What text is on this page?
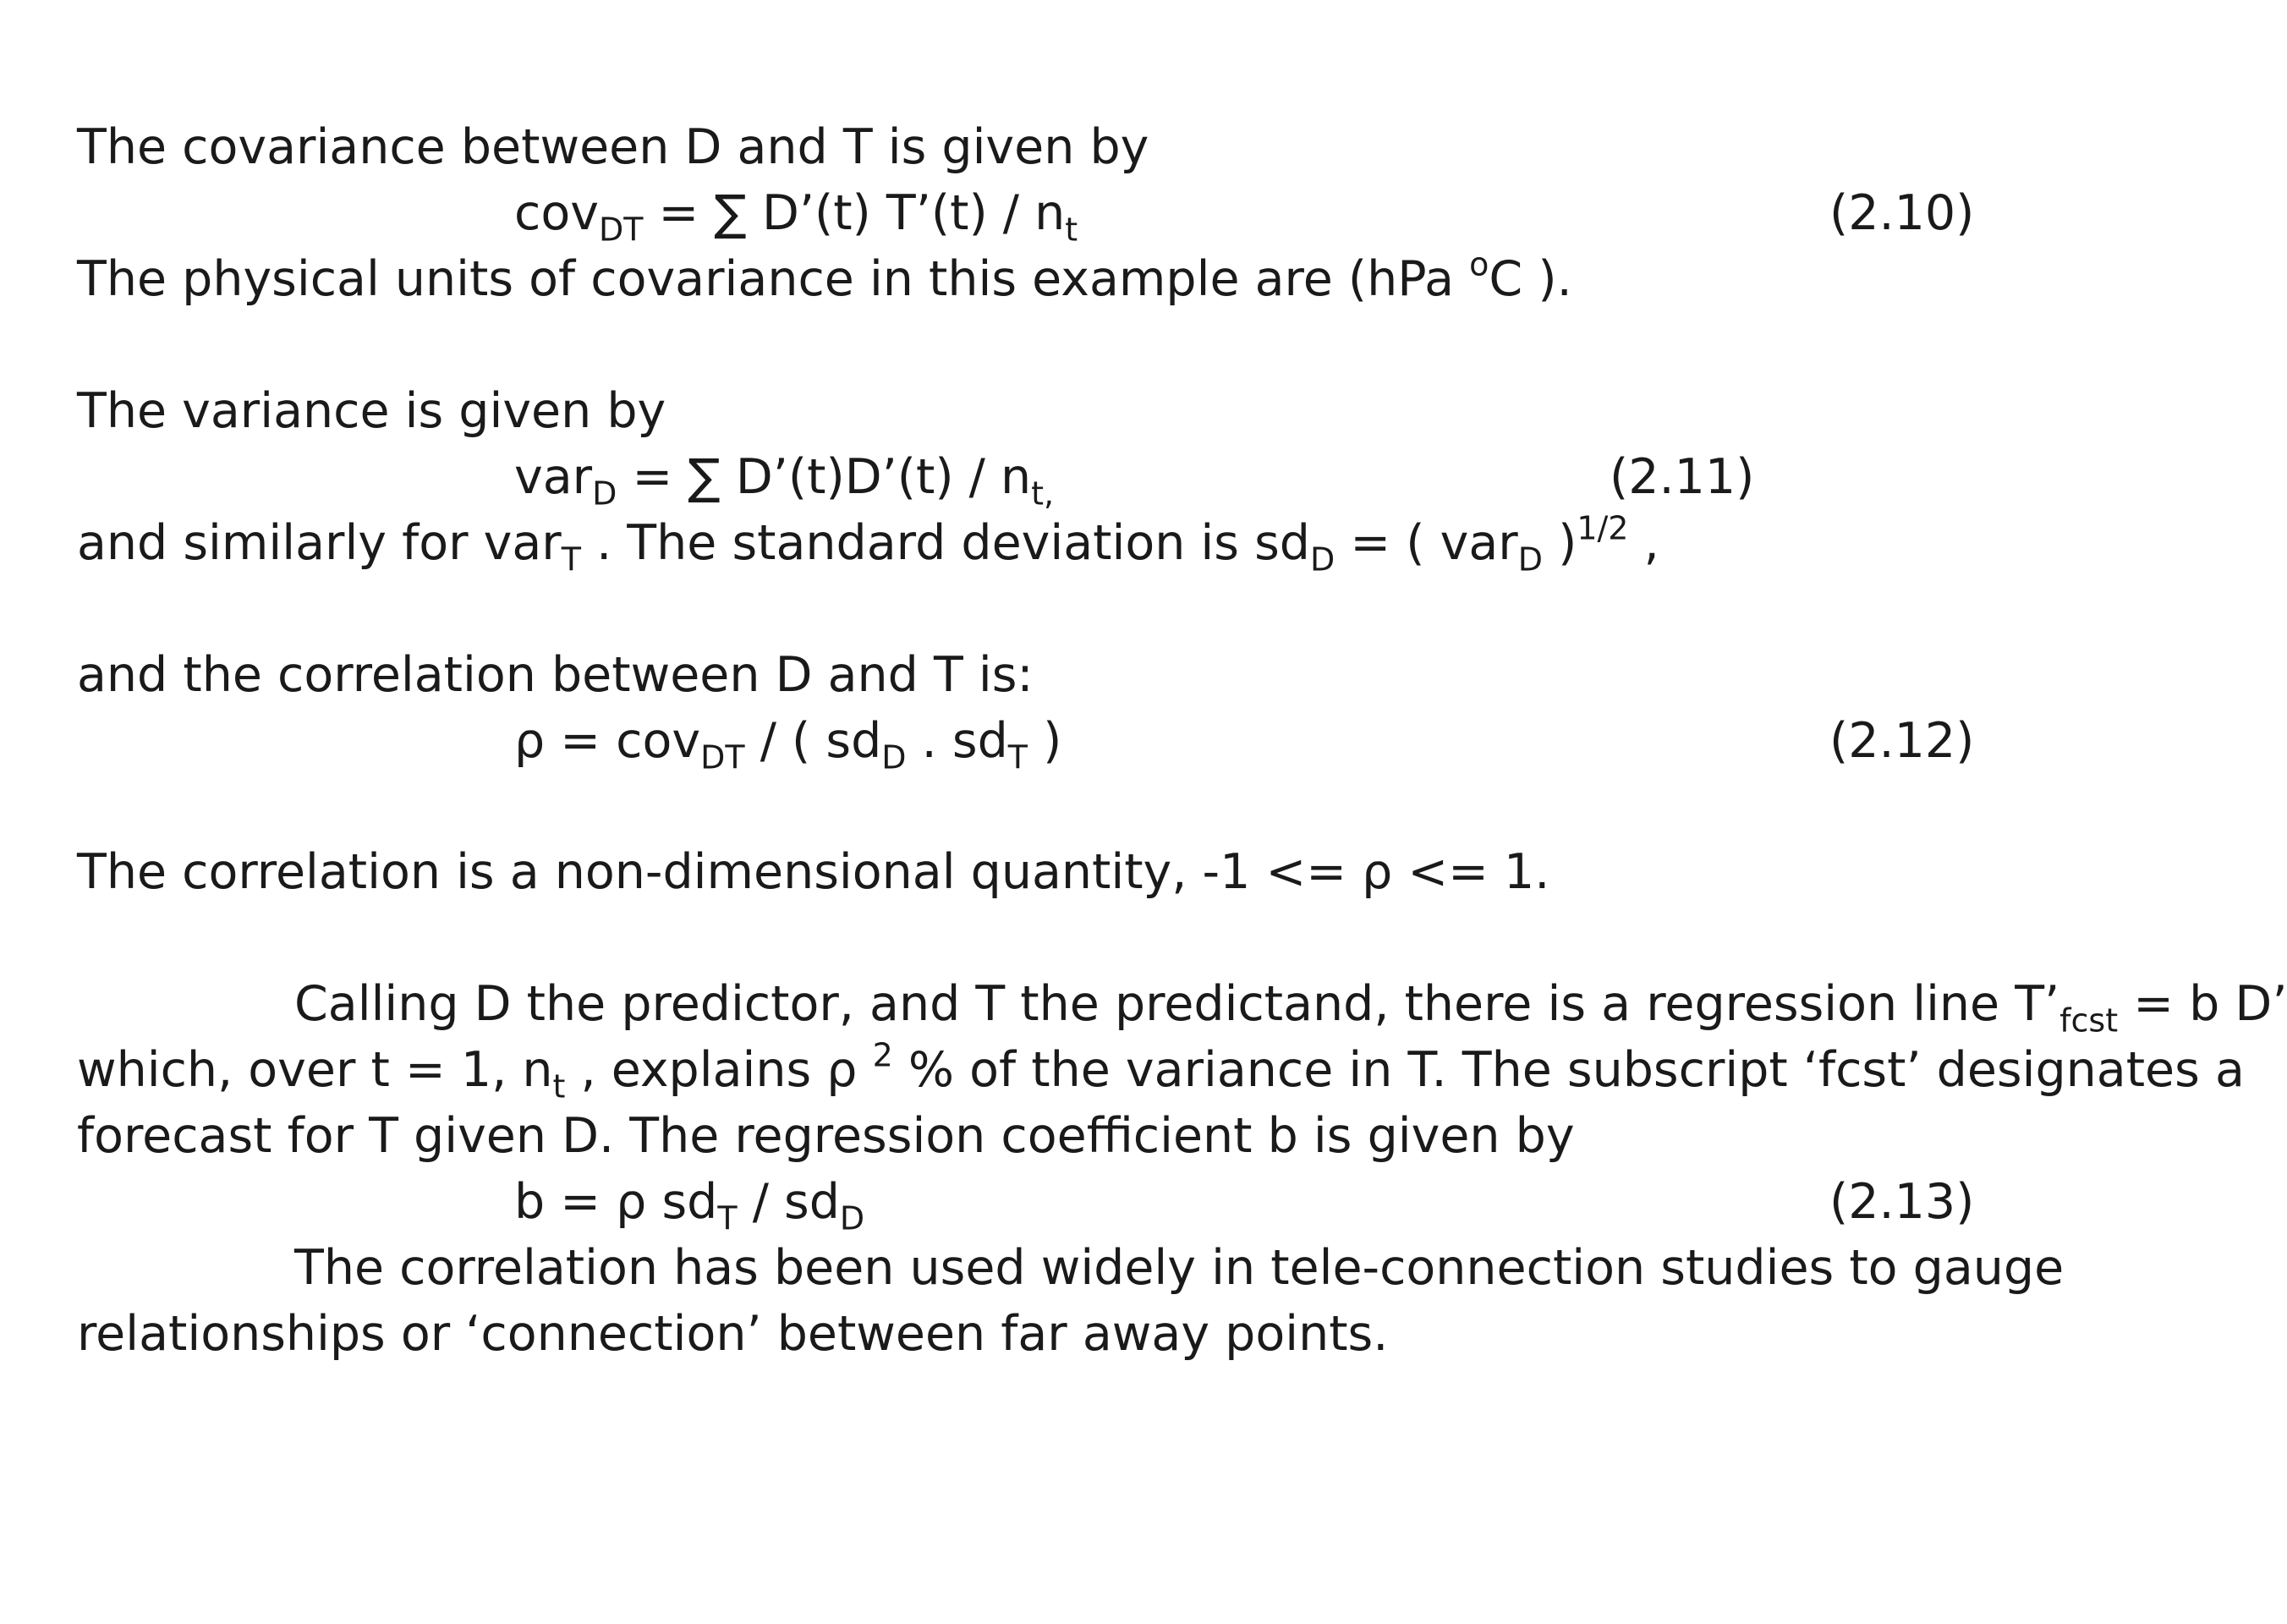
The covariance between D and T is given by
cov$_{DT}$ = ∑ D’(t) T’(t) / $n_t$	(2.10)
The physical units of covariance in this example are (hPa $^o$C ).
The variance is given by
var$_D$ = ∑ D’(t)D’(t) / $n_{t,}$	(2.11)
and similarly for var$_T$ . The standard deviation is $sd_D$ = ( var$_D$ )$^{1/2}$ ,
and the correlation between D and T is:
ρ = cov$_{DT}$ / ( $sd_D$ . $sd_T$ )	(2.12)
The correlation is a non-dimensional quantity, -1 <= ρ <= 1.
Calling D the predictor, and T the predictand, there is a regression line $T’_{fcst} = b$ D’
which, over t = 1, $n_t$ , explains ρ $^2$ % of the variance in T. The subscript ‘fcst’ designates a
forecast for T given D. The regression coefficient b is given by
b = ρ $sd_T / sd_D$	(2.13)
The correlation has been used widely in tele-connection studies to gauge
relationships or ‘connection’ between far away points.
